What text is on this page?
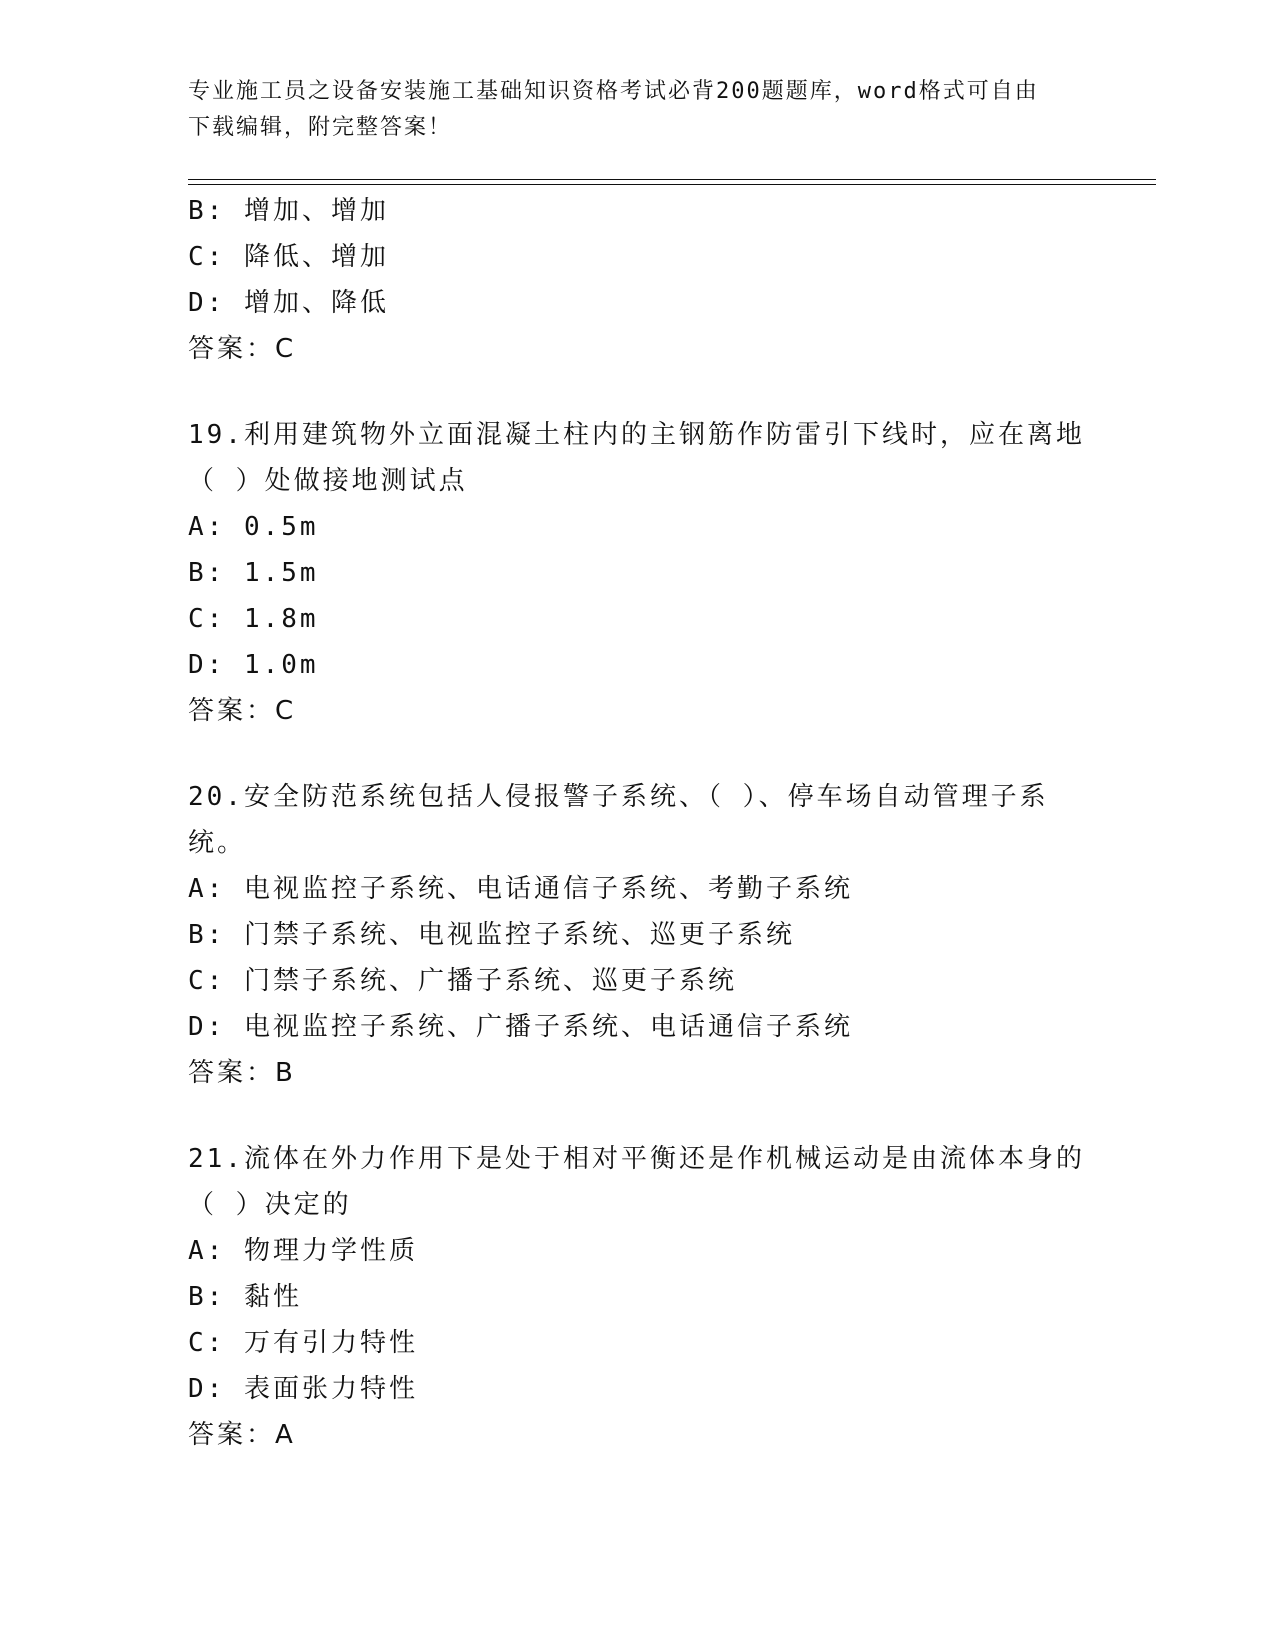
专业施工员之设备安装施工基础知识资格考试必背200题题库，word格式可自由
下载编辑，附完整答案！
B: 增加、增加
C: 降低、增加
D: 增加、降低
答案：C
19.利用建筑物外立面混凝土柱内的主钢筋作防雷引下线时，应在离地
（ ）处做接地测试点
A: 0.5m
B: 1.5m
C: 1.8m
D: 1.0m
答案：C
20.安全防范系统包括人侵报警子系统、（ ）、停车场自动管理子系
统。
A: 电视监控子系统、电话通信子系统、考勤子系统
B: 门禁子系统、电视监控子系统、巡更子系统
C: 门禁子系统、广播子系统、巡更子系统
D: 电视监控子系统、广播子系统、电话通信子系统
答案：B
21.流体在外力作用下是处于相对平衡还是作机械运动是由流体本身的
（ ）决定的
A: 物理力学性质
B: 黏性
C: 万有引力特性
D: 表面张力特性
答案：A
